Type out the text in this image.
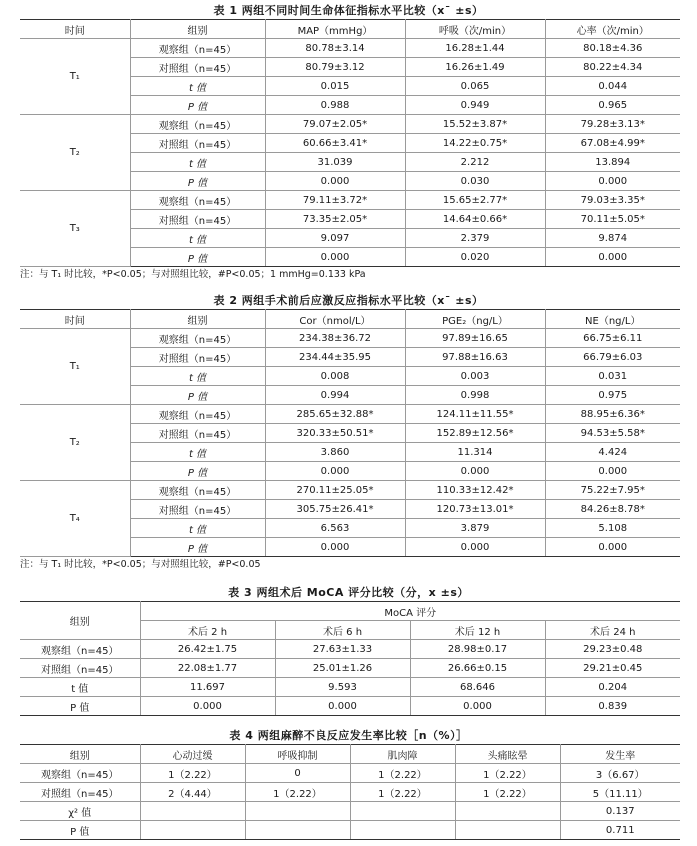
表 1 两组不同时间生命体征指标水平比较（x¯ ±s）
时间	组别	MAP（mmHg）	呼吸（次/min）	心率（次/min）
T₁	观察组（n=45）	80.78±3.14	16.28±1.44	80.18±4.36
	对照组（n=45）	80.79±3.12	16.26±1.49	80.22±4.34
	t 值	0.015	0.065	0.044
	P 值	0.988	0.949	0.965
T₂	观察组（n=45）	79.07±2.05*	15.52±3.87*	79.28±3.13*
	对照组（n=45）	60.66±3.41*	14.22±0.75*	67.08±4.99*
	t 值	31.039	2.212	13.894
	P 值	0.000	0.030	0.000
T₃	观察组（n=45）	79.11±3.72*	15.65±2.77*	79.03±3.35*
	对照组（n=45）	73.35±2.05*	14.64±0.66*	70.11±5.05*
	t 值	9.097	2.379	9.874
	P 值	0.000	0.020	0.000
注：与 T₁ 时比较，*P<0.05；与对照组比较，#P<0.05；1 mmHg=0.133 kPa
表 2 两组手术前后应激反应指标水平比较（x¯ ±s）
时间	组别	Cor（nmol/L）	PGE₂（ng/L）	NE（ng/L）
T₁	观察组（n=45）	234.38±36.72	97.89±16.65	66.75±6.11
	对照组（n=45）	234.44±35.95	97.88±16.63	66.79±6.03
	t 值	0.008	0.003	0.031
	P 值	0.994	0.998	0.975
T₂	观察组（n=45）	285.65±32.88*	124.11±11.55*	88.95±6.36*
	对照组（n=45）	320.33±50.51*	152.89±12.56*	94.53±5.58*
	t 值	3.860	11.314	4.424
	P 值	0.000	0.000	0.000
T₄	观察组（n=45）	270.11±25.05*	110.33±12.42*	75.22±7.95*
	对照组（n=45）	305.75±26.41*	120.73±13.01*	84.26±8.78*
	t 值	6.563	3.879	5.108
	P 值	0.000	0.000	0.000
注：与 T₁ 时比较，*P<0.05；与对照组比较，#P<0.05
表 3 两组术后 MoCA 评分比较（分，x ±s）
组别	MoCA 评分			
	术后 2 h	术后 6 h	术后 12 h	术后 24 h
观察组（n=45）	26.42±1.75	27.63±1.33	28.98±0.17	29.23±0.48
对照组（n=45）	22.08±1.77	25.01±1.26	26.66±0.15	29.21±0.45
t 值	11.697	9.593	68.646	0.204
P 值	0.000	0.000	0.000	0.839
表 4 两组麻醉不良反应发生率比较［n（%）］
组别	心动过缓	呼吸抑制	肌肉障	头痛眩晕	发生率
观察组（n=45）	1（2.22）	0	1（2.22）	1（2.22）	3（6.67）
对照组（n=45）	2（4.44）	1（2.22）	1（2.22）	1（2.22）	5（11.11）
χ² 值					0.137
P 值					0.711
